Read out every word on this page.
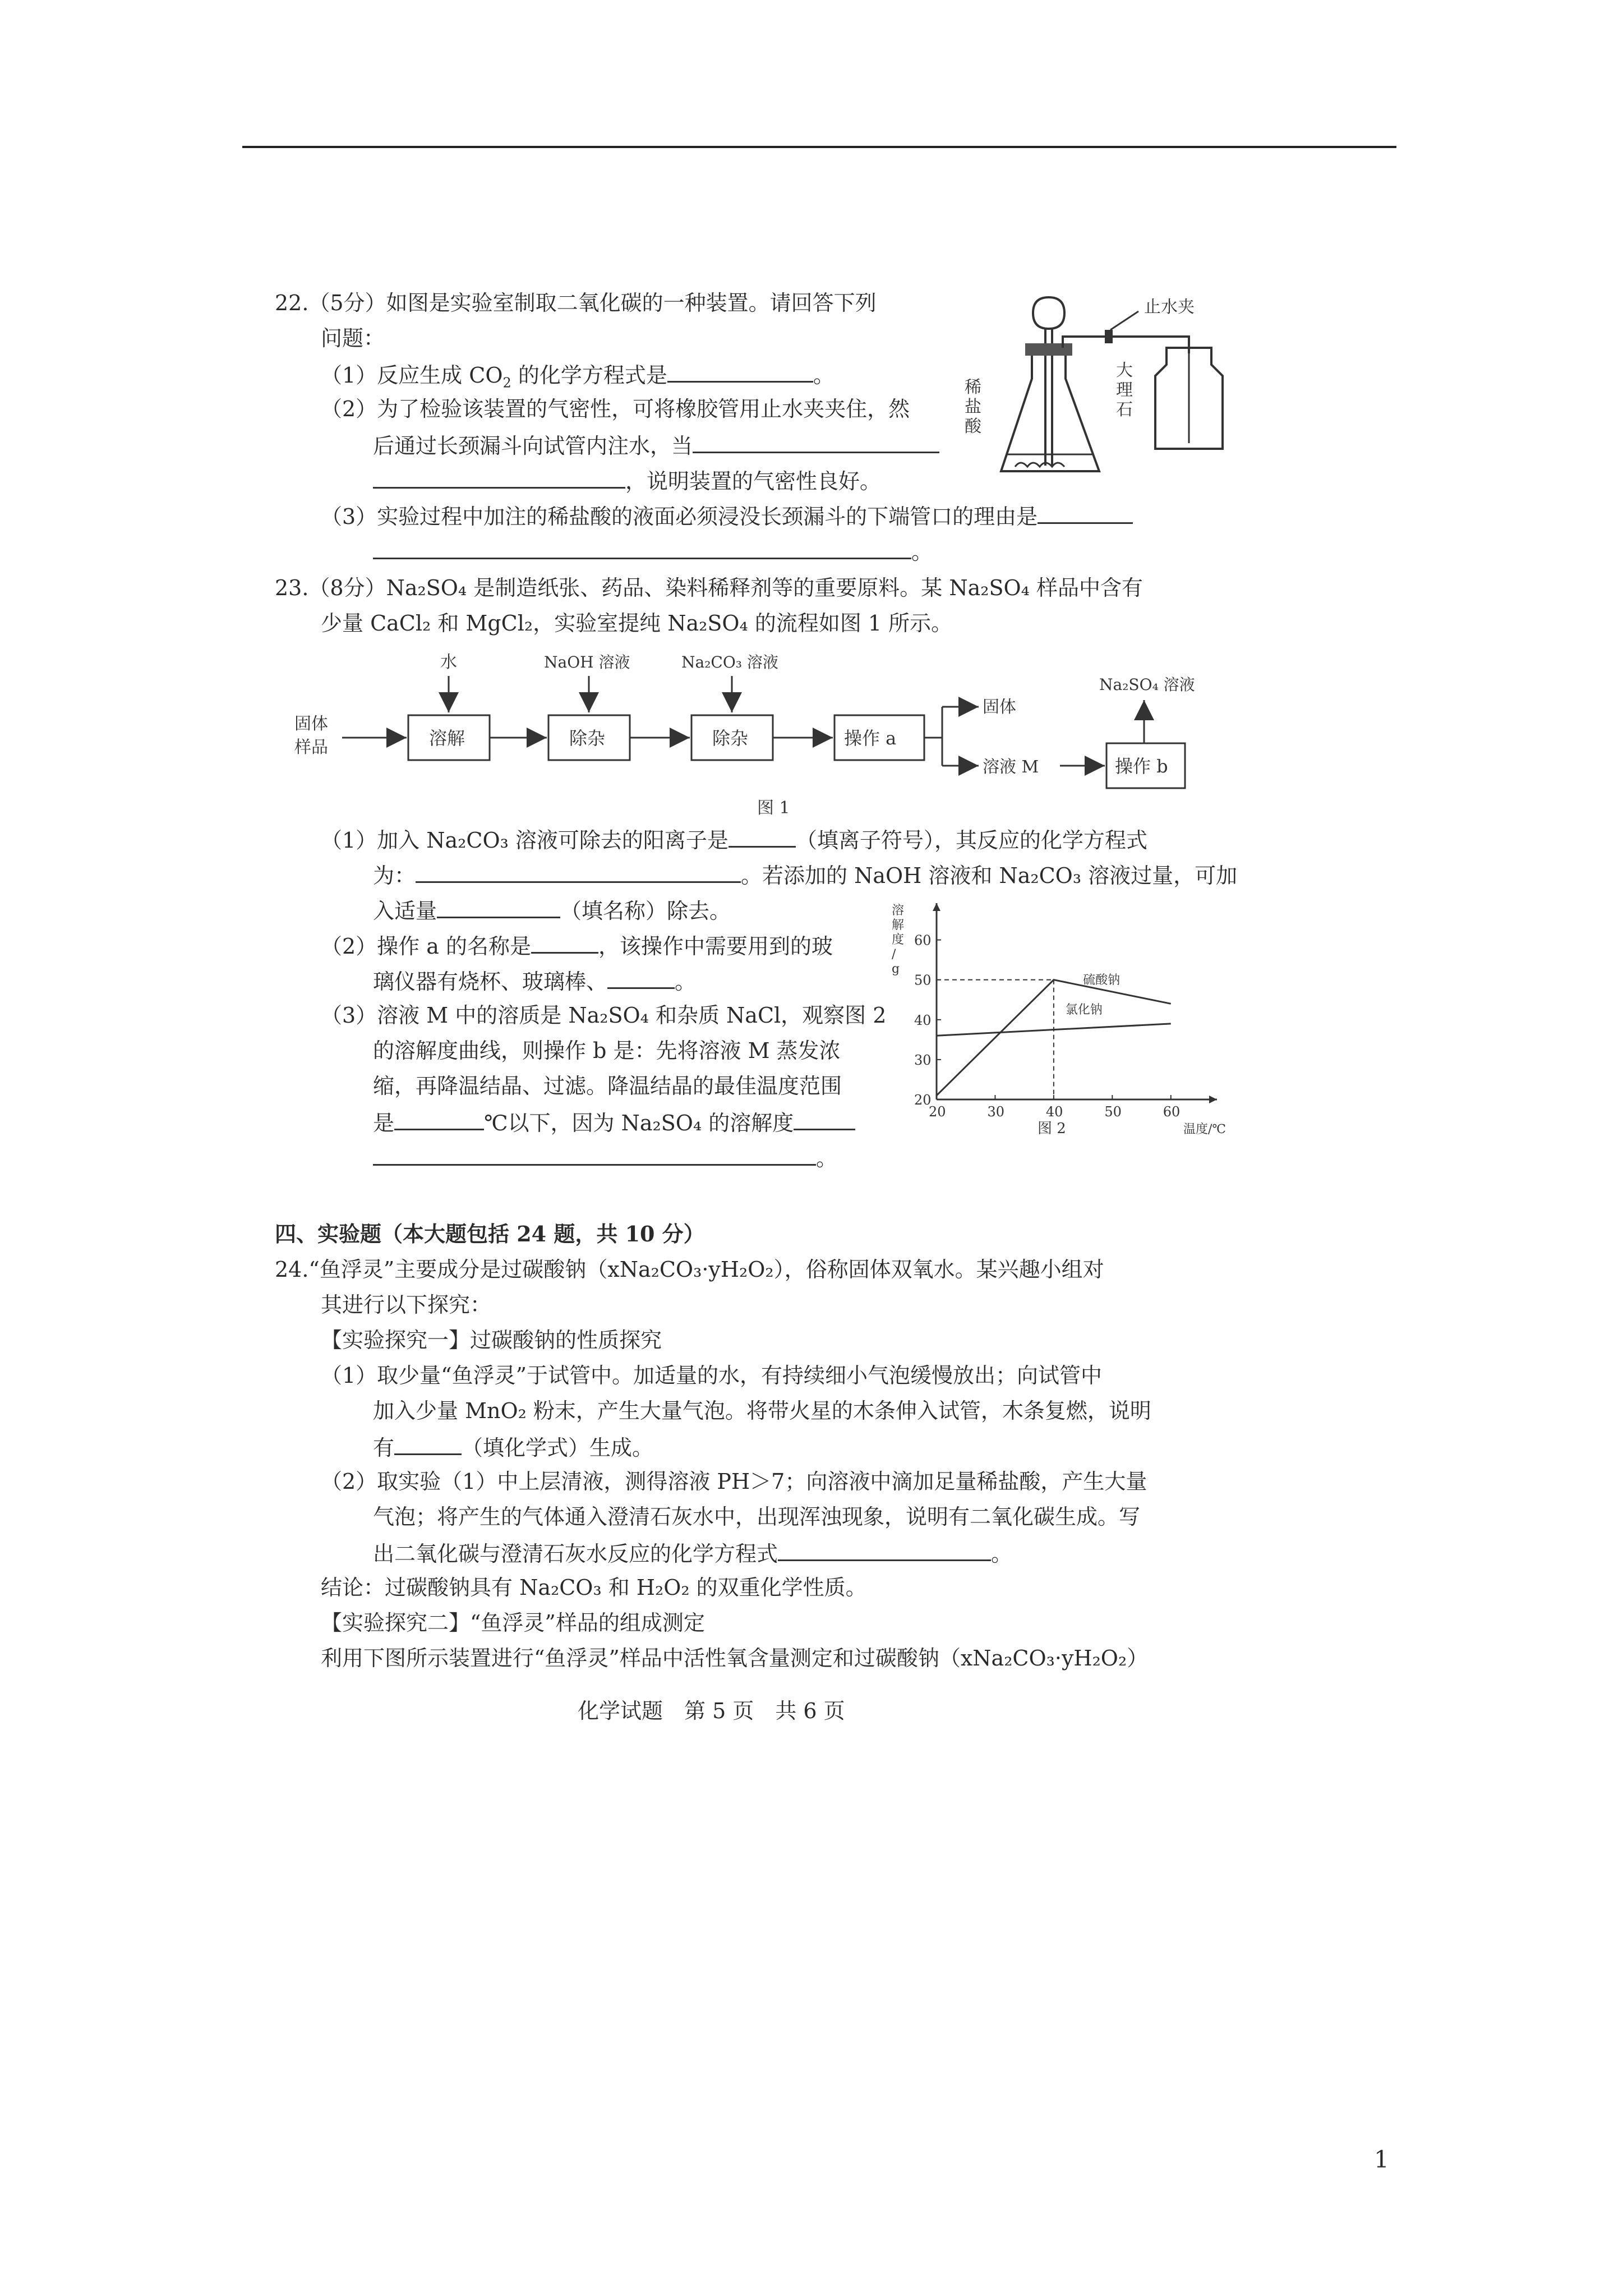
22.（5分）如图是实验室制取二氧化碳的一种装置。请回答下列
问题：
（1）反应生成 $CO_2$ 的化学方程式是	。
（2）为了检验该装置的气密性，可将橡胶管用止水夹夹住，然
后通过长颈漏斗向试管内注水，当
，说明装置的气密性良好。
（3）实验过程中加注的稀盐酸的液面必须浸没长颈漏斗的下端管口的理由是
。
止水夹
稀
盐
酸
大
理
石
23.（8分）Na₂SO₄ 是制造纸张、药品、染料稀释剂等的重要原料。某 Na₂SO₄ 样品中含有
少量 CaCl₂ 和 MgCl₂，实验室提纯 Na₂SO₄ 的流程如图 1 所示。
固体
样品	溶解
水
除杂
NaOH 溶液
除杂
Na₂CO₃ 溶液
操作 a
固体
溶液 M	操作 b
Na₂SO₄ 溶液
图 1
（1）加入 Na₂CO₃ 溶液可除去的阳离子是	（填离子符号），其反应的化学方程式
为：	。若添加的 NaOH 溶液和 Na₂CO₃ 溶液过量，可加
入适量	（填名称）除去。
（2）操作 a 的名称是	，该操作中需要用到的玻
璃仪器有烧杯、玻璃棒、	。
（3）溶液 M 中的溶质是 Na₂SO₄ 和杂质 NaCl，观察图 2
的溶解度曲线，则操作 b 是：先将溶液 M 蒸发浓
缩，再降温结晶、过滤。降温结晶的最佳温度范围
是	℃以下，因为 Na₂SO₄ 的溶解度
。
20	30	40	50	60
20
30
40
50
60
溶
解
度
/
g
温度/℃
图 2
硫酸钠
氯化钠
四、实验题（本大题包括 24 题，共 10 分）
24.“鱼浮灵”主要成分是过碳酸钠（xNa₂CO₃·yH₂O₂），俗称固体双氧水。某兴趣小组对
其进行以下探究：
【实验探究一】过碳酸钠的性质探究
（1）取少量“鱼浮灵”于试管中。加适量的水，有持续细小气泡缓慢放出；向试管中
加入少量 MnO₂ 粉末，产生大量气泡。将带火星的木条伸入试管，木条复燃，说明
有	（填化学式）生成。
（2）取实验（1）中上层清液，测得溶液 PH＞7；向溶液中滴加足量稀盐酸，产生大量
气泡；将产生的气体通入澄清石灰水中，出现浑浊现象，说明有二氧化碳生成。写
出二氧化碳与澄清石灰水反应的化学方程式	。
结论：过碳酸钠具有 Na₂CO₃ 和 H₂O₂ 的双重化学性质。
【实验探究二】“鱼浮灵”样品的组成测定
利用下图所示装置进行“鱼浮灵”样品中活性氧含量测定和过碳酸钠（xNa₂CO₃·yH₂O₂）
化学试题　第 5 页　共 6 页
1
